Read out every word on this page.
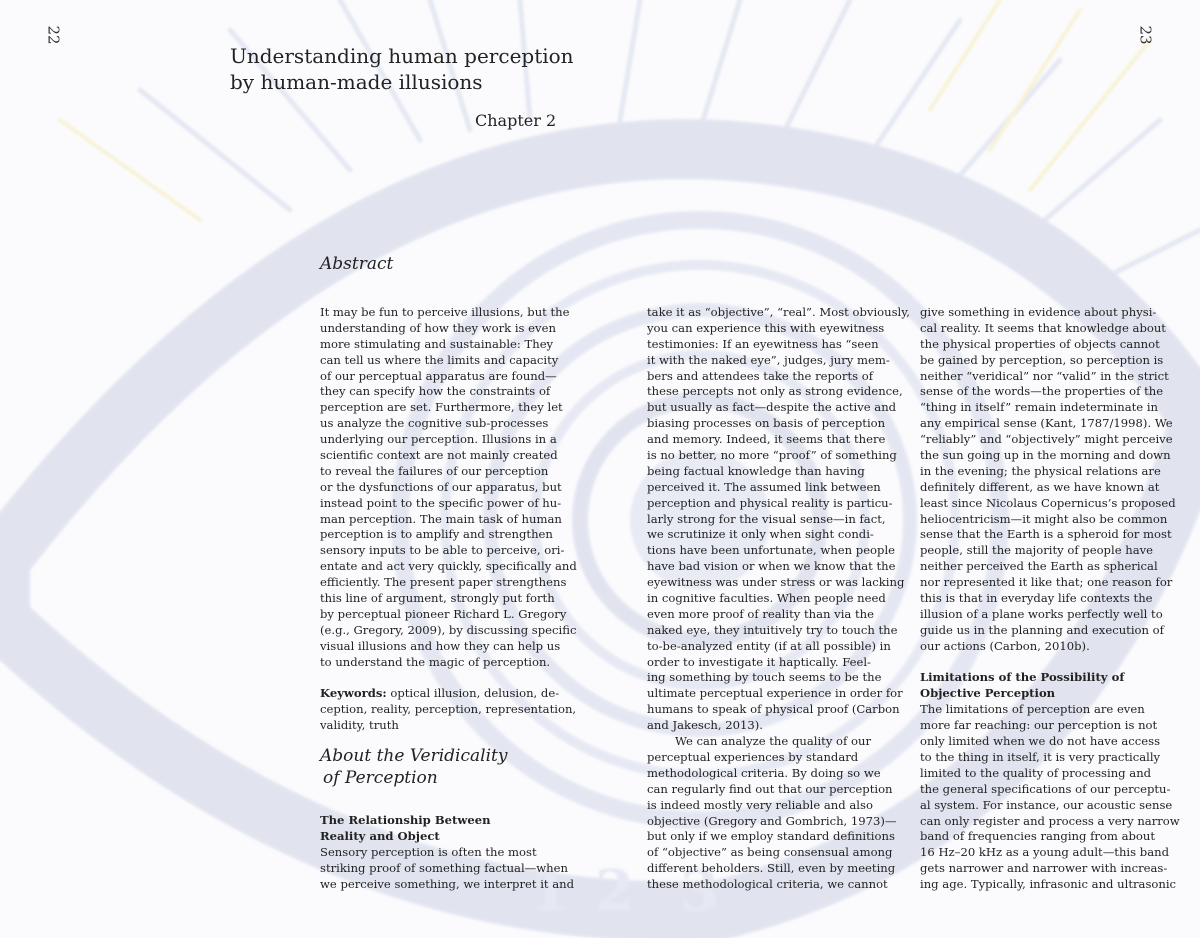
1 2 3
22	23
Understanding human perception
by human-made illusions
Chapter 2
Abstract
It may be fun to perceive illusions, but the
understanding of how they work is even
more stimulating and sustainable: They
can tell us where the limits and capacity
of our perceptual apparatus are found—
they can specify how the constraints of
perception are set. Furthermore, they let
us analyze the cognitive sub-processes
underlying our perception. Illusions in a
scientific context are not mainly created
to reveal the failures of our perception
or the dysfunctions of our apparatus, but
instead point to the specific power of hu-
man perception. The main task of human
perception is to amplify and strengthen
sensory inputs to be able to perceive, ori-
entate and act very quickly, specifically and
efficiently. The present paper strengthens
this line of argument, strongly put forth
by perceptual pioneer Richard L. Gregory
(e.g., Gregory, 2009), by discussing specific
visual illusions and how they can help us
to understand the magic of perception.
Keywords: optical illusion, delusion, de-
ception, reality, perception, representation,
validity, truth
The Relationship Between
Reality and Object
Sensory perception is often the most
striking proof of something factual—when
we perceive something, we interpret it and
take it as “objective”, “real”. Most obviously,
you can experience this with eyewitness
testimonies: If an eyewitness has “seen
it with the naked eye”, judges, jury mem-
bers and attendees take the reports of
these percepts not only as strong evidence,
but usually as fact—despite the active and
biasing processes on basis of perception
and memory. Indeed, it seems that there
is no better, no more “proof” of something
being factual knowledge than having
perceived it. The assumed link between
perception and physical reality is particu-
larly strong for the visual sense—in fact,
we scrutinize it only when sight condi-
tions have been unfortunate, when people
have bad vision or when we know that the
eyewitness was under stress or was lacking
in cognitive faculties. When people need
even more proof of reality than via the
naked eye, they intuitively try to touch the
to-be-analyzed entity (if at all possible) in
order to investigate it haptically. Feel-
ing something by touch seems to be the
ultimate perceptual experience in order for
humans to speak of physical proof (Carbon
and Jakesch, 2013).
We can analyze the quality of our
perceptual experiences by standard
methodological criteria. By doing so we
can regularly find out that our perception
is indeed mostly very reliable and also
objective (Gregory and Gombrich, 1973)—
but only if we employ standard definitions
of “objective” as being consensual among
different beholders. Still, even by meeting
these methodological criteria, we cannot
give something in evidence about physi-
cal reality. It seems that knowledge about
the physical properties of objects cannot
be gained by perception, so perception is
neither “veridical” nor “valid” in the strict
sense of the words—the properties of the
“thing in itself” remain indeterminate in
any empirical sense (Kant, 1787/1998). We
“reliably” and “objectively” might perceive
the sun going up in the morning and down
in the evening; the physical relations are
definitely different, as we have known at
least since Nicolaus Copernicus’s proposed
heliocentricism—it might also be common
sense that the Earth is a spheroid for most
people, still the majority of people have
neither perceived the Earth as spherical
nor represented it like that; one reason for
this is that in everyday life contexts the
illusion of a plane works perfectly well to
guide us in the planning and execution of
our actions (Carbon, 2010b).
Limitations of the Possibility of
Objective Perception
The limitations of perception are even
more far reaching: our perception is not
only limited when we do not have access
to the thing in itself, it is very practically
limited to the quality of processing and
the general specifications of our perceptu-
al system. For instance, our acoustic sense
can only register and process a very narrow
band of frequencies ranging from about
16 Hz–20 kHz as a young adult—this band
gets narrower and narrower with increas-
ing age. Typically, infrasonic and ultrasonic
About the Veridicality
of Perception
